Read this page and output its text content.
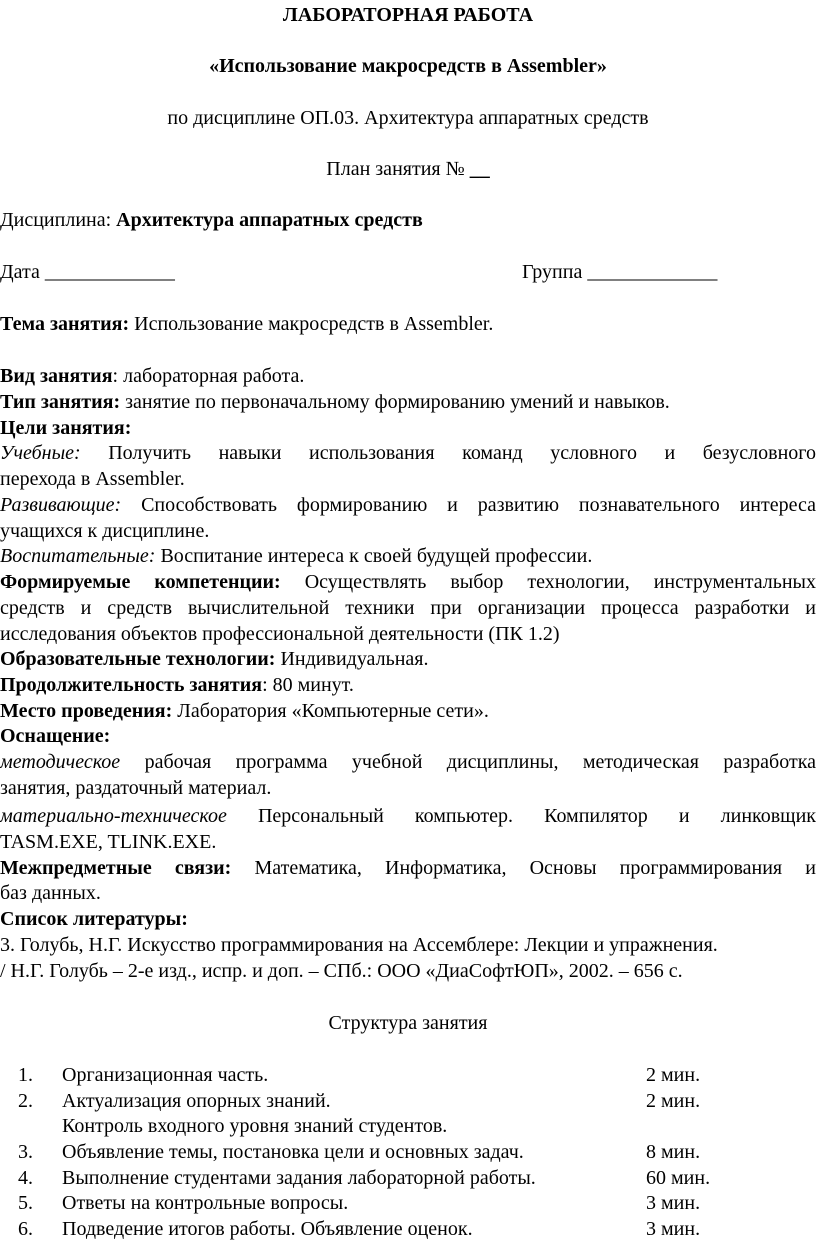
ЛАБОРАТОРНАЯ РАБОТА
«Использование макросредств в Assembler»
по дисциплине ОП.03. Архитектура аппаратных средств
План занятия № __
Дисциплина: Архитектура аппаратных средств
Дата _____________	Группа _____________
Тема занятия: Использование макросредств в Assembler.
Вид занятия: лабораторная работа.
Тип занятия: занятие по первоначальному формированию умений и навыков.
Цели занятия:
Учебные: Получить навыки использования команд условного и безусловного
перехода в Assembler.
Развивающие: Способствовать формированию и развитию познавательного интереса
учащихся к дисциплине.
Воспитательные: Воспитание интереса к своей будущей профессии.
Формируемые компетенции: Осуществлять выбор технологии, инструментальных
средств и средств вычислительной техники при организации процесса разработки и
исследования объектов профессиональной деятельности (ПК 1.2)
Образовательные технологии: Индивидуальная.
Продолжительность занятия: 80 минут.
Место проведения: Лаборатория «Компьютерные сети».
Оснащение:
методическое рабочая программа учебной дисциплины, методическая разработка
занятия, раздаточный материал.
материально-техническое Персональный компьютер. Компилятор и линковщик
TASM.EXE, TLINK.EXE.
Межпредметные связи: Математика, Информатика, Основы программирования и
баз данных.
Список литературы:
3. Голубь, Н.Г. Искусство программирования на Ассемблере: Лекции и упражнения.
/ Н.Г. Голубь – 2-е изд., испр. и доп. – СПб.: ООО «ДиаСофтЮП», 2002. – 656 с.
Структура занятия
1. Организационная часть.	2 мин.
2. Актуализация опорных знаний.	2 мин.
Контроль входного уровня знаний студентов.
3. Объявление темы, постановка цели и основных задач.	8 мин.
4. Выполнение студентами задания лабораторной работы.	60 мин.
5. Ответы на контрольные вопросы.	3 мин.
6. Подведение итогов работы. Объявление оценок.	3 мин.
